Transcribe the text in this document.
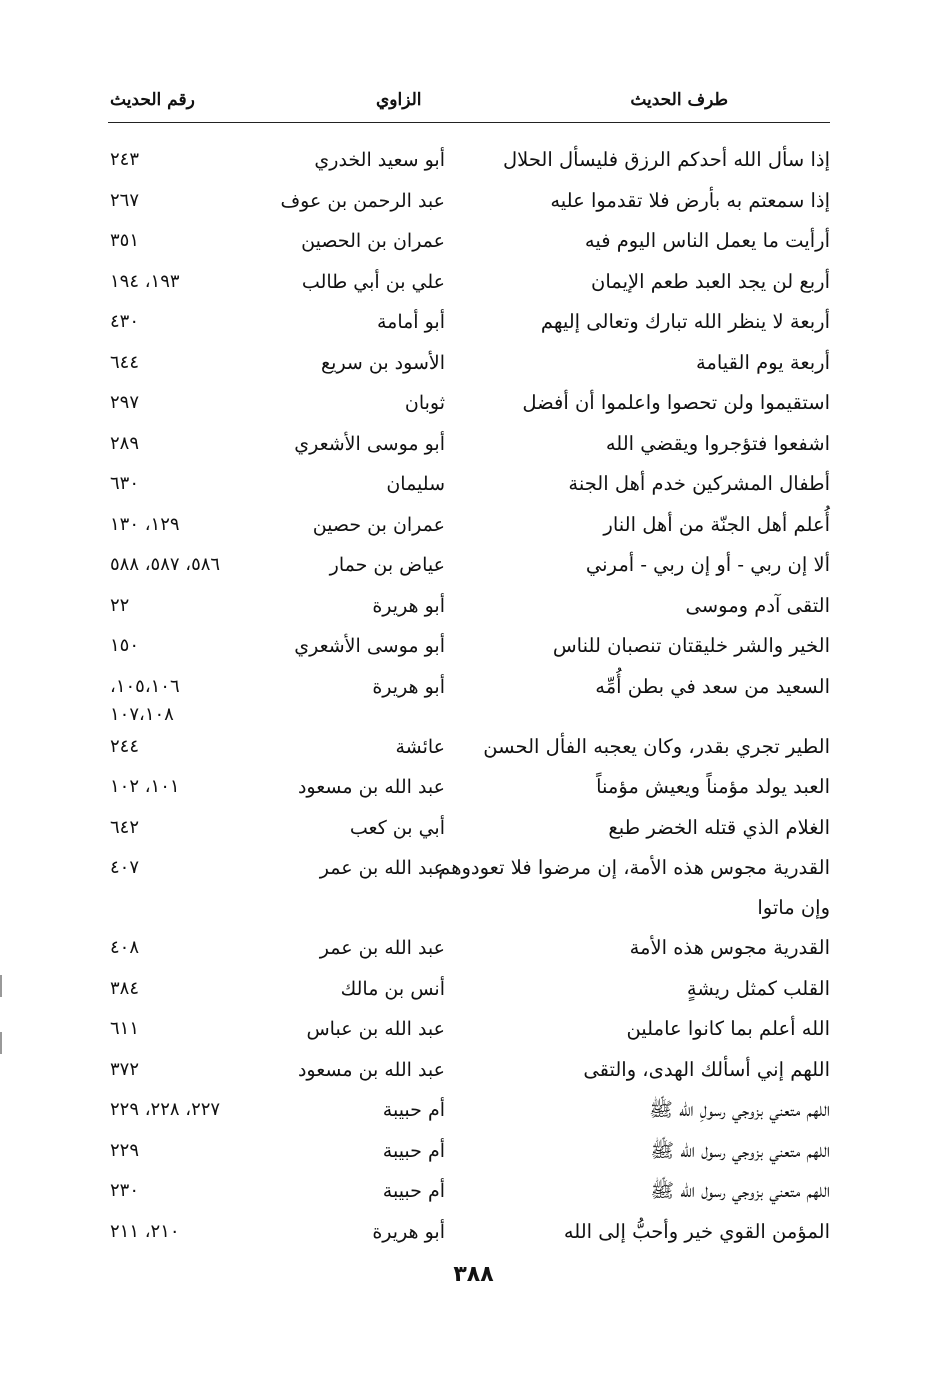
طرف الحديث
الزاوي
رقم الحديث
إذا سأل الله أحدكم الرزق فليسأل الحلال
أبو سعيد الخدري
٢٤٣
إذا سمعتم به بأرض فلا تقدموا عليه
عبد الرحمن بن عوف
٢٦٧
أرأيت ما يعمل الناس اليوم فيه
عمران بن الحصين
٣٥١
أربع لن يجد العبد طعم الإيمان
علي بن أبي طالب
١٩٣، ١٩٤
أربعة لا ينظر الله تبارك وتعالى إليهم
أبو أمامة
٤٣٠
أربعة يوم القيامة
الأسود بن سريع
٦٤٤
استقيموا ولن تحصوا واعلموا أن أفضل
ثوبان
٢٩٧
اشفعوا فتؤجروا ويقضي الله
أبو موسى الأشعري
٢٨٩
أطفال المشركين خدم أهل الجنة
سليمان
٦٣٠
أُعلم أهل الجنّة من أهل النار
عمران بن حصين
١٢٩، ١٣٠
ألا إن ربي - أو إن ربي - أمرني
عياض بن حمار
٥٨٦، ٥٨٧، ٥٨٨
التقى آدم وموسى
أبو هريرة
٢٢
الخير والشر خليقتان تنصبان للناس
أبو موسى الأشعري
١٥٠
السعيد من سعد في بطن أُمِّه
أبو هريرة
١٠٥،١٠٦، ١٠٧،١٠٨
الطير تجري بقدر، وكان يعجبه الفأل الحسن
عائشة
٢٤٤
العبد يولد مؤمناً ويعيش مؤمناً
عبد الله بن مسعود
١٠١، ١٠٢
الغلام الذي قتله الخضر طبع
أبي بن كعب
٦٤٢
القدرية مجوس هذه الأمة، إن مرضوا فلا تعودوهم وإن ماتوا
عبد الله بن عمر
٤٠٧
القدرية مجوس هذه الأمة
عبد الله بن عمر
٤٠٨
القلب كمثل ريشةٍ
أنس بن مالك
٣٨٤
الله أعلم بما كانوا عاملين
عبد الله بن عباس
٦١١
اللهم إني أسألك الهدى، والتقى
عبد الله بن مسعود
٣٧٢
اللهم متعني بزوجي رسولِ الله ﷺ
أم حبيبة
٢٢٧، ٢٢٨، ٢٢٩
اللهم متعني بزوجي رسول الله ﷺ
أم حبيبة
٢٢٩
اللهم متعني بزوجي رسول الله ﷺ
أم حبيبة
٢٣٠
المؤمن القوي خير وأحبُّ إلى الله
أبو هريرة
٢١٠، ٢١١
٣٨٨
